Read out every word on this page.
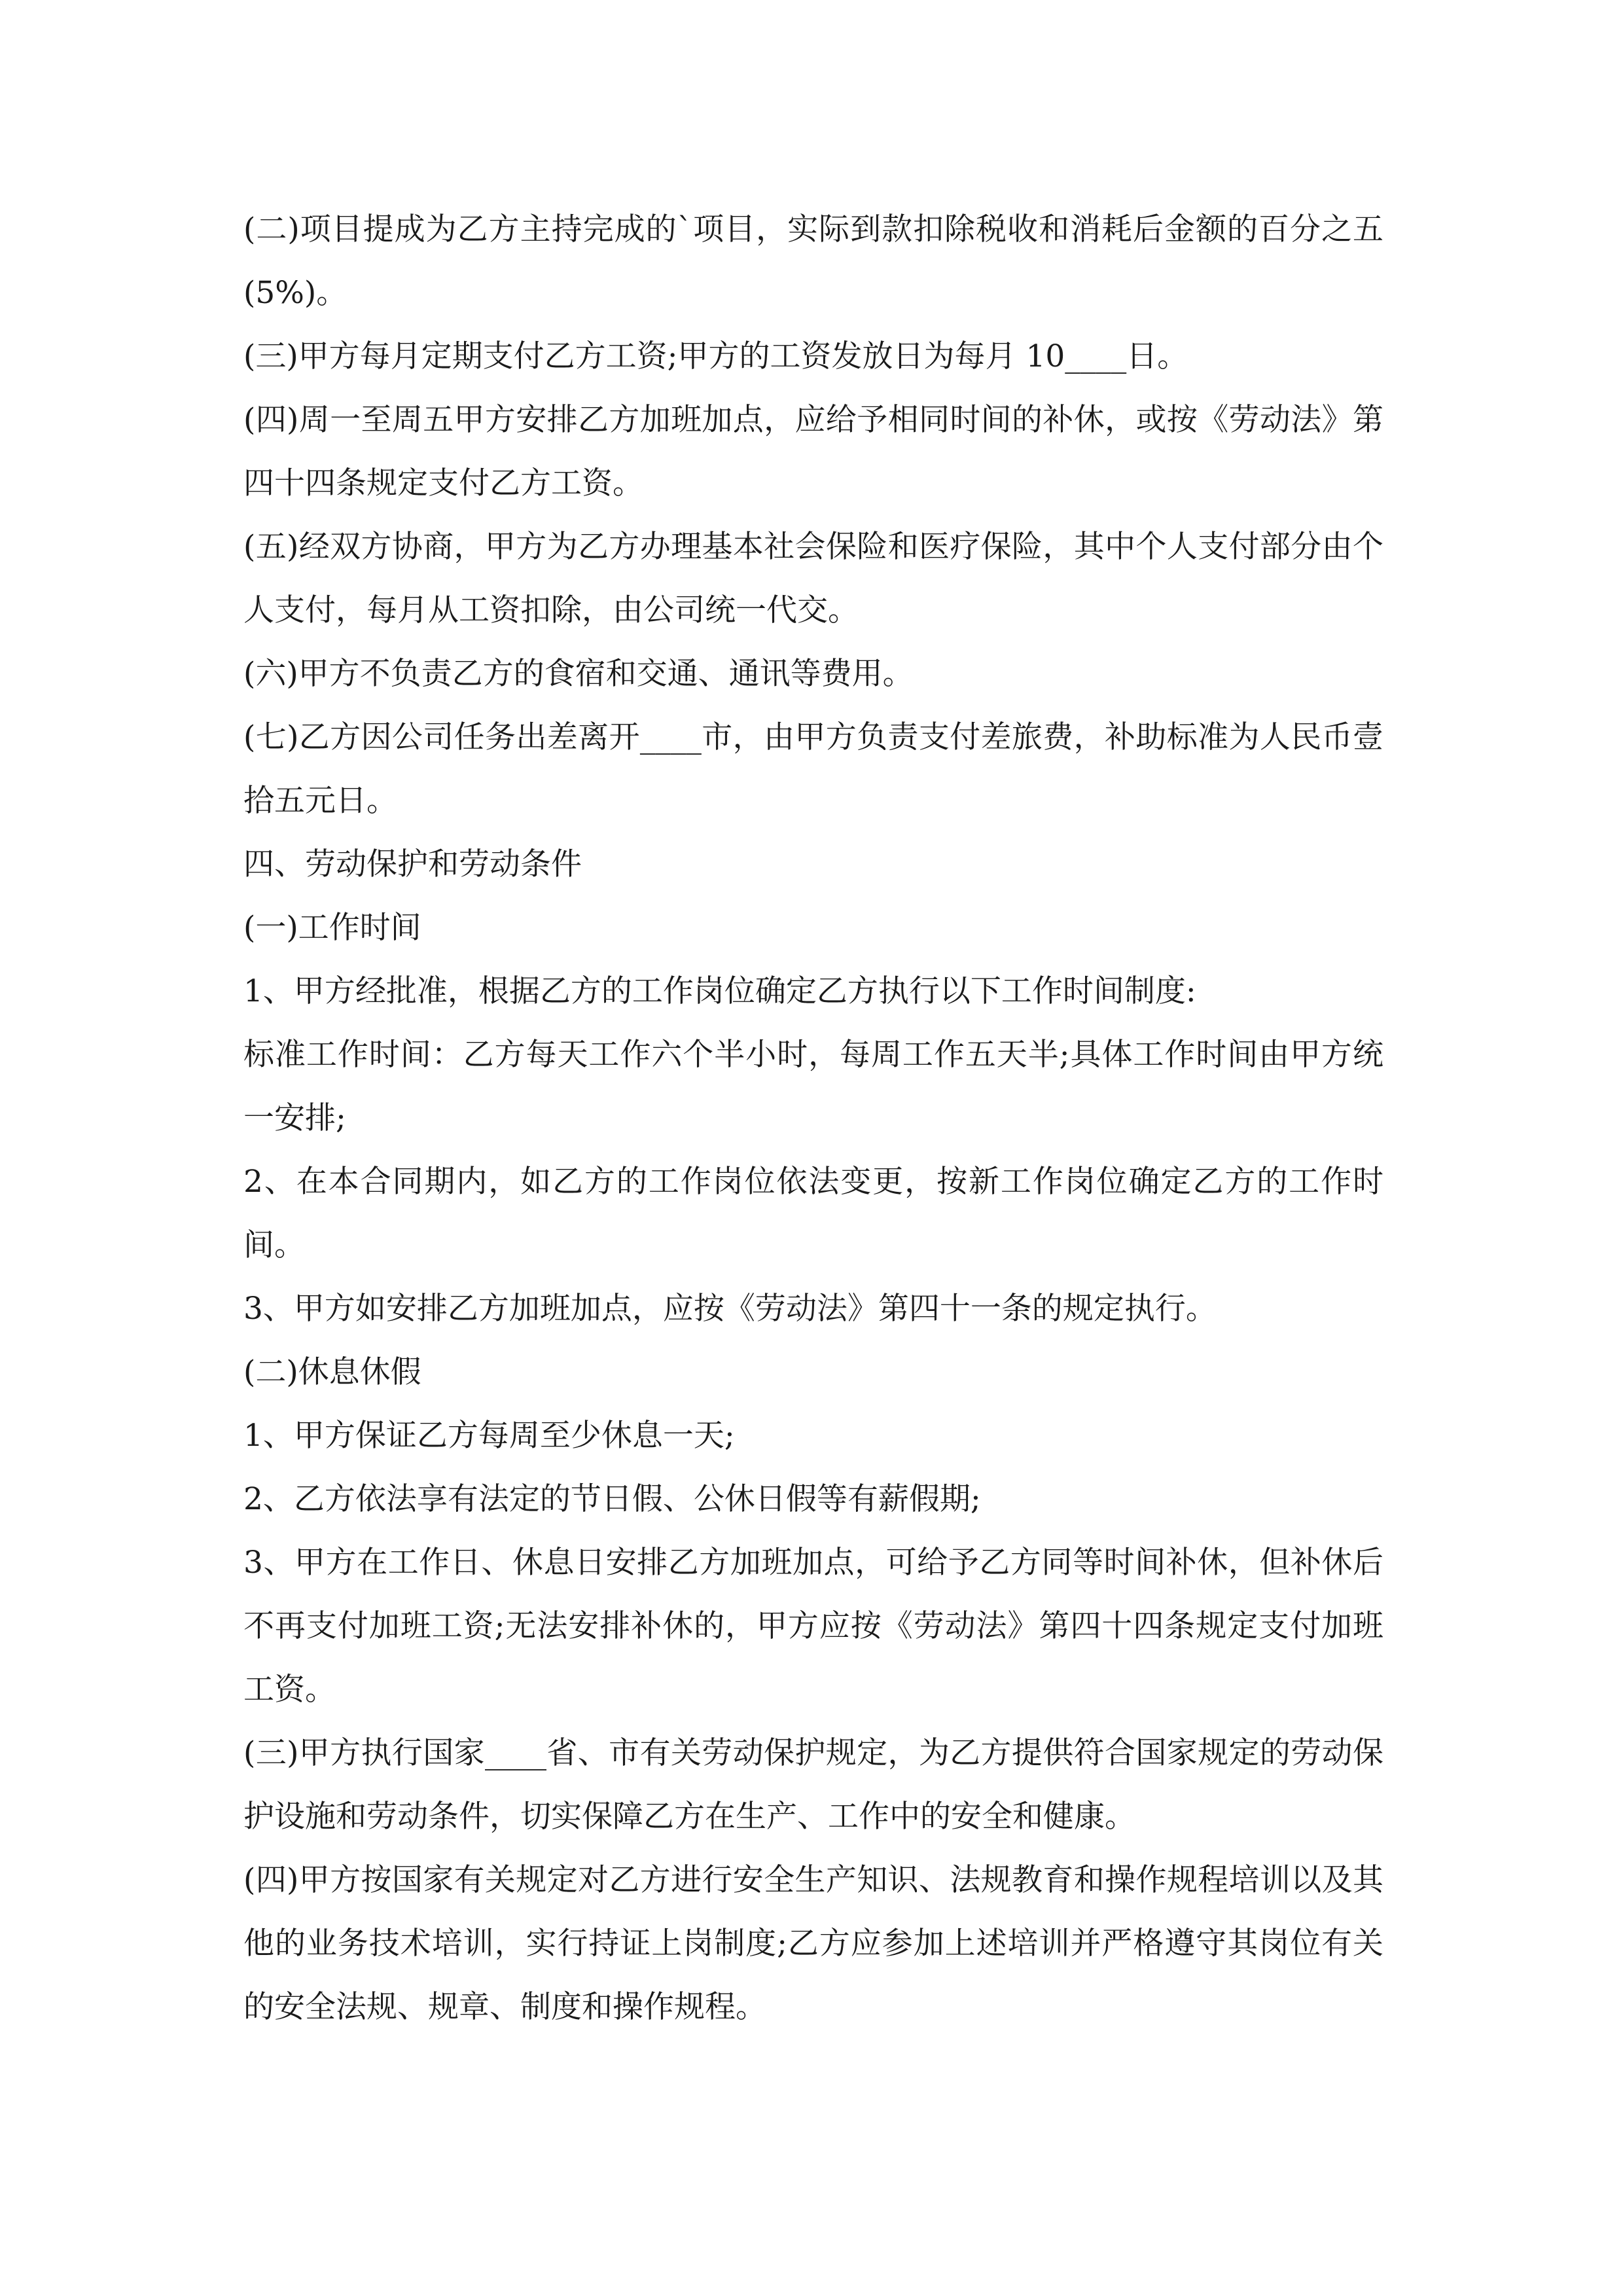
(二)项目提成为乙方主持完成的`项目，实际到款扣除税收和消耗后金额的百分之五(5%)。

(三)甲方每月定期支付乙方工资;甲方的工资发放日为每月 10____日。

(四)周一至周五甲方安排乙方加班加点，应给予相同时间的补休，或按《劳动法》第四十四条规定支付乙方工资。

(五)经双方协商，甲方为乙方办理基本社会保险和医疗保险，其中个人支付部分由个人支付，每月从工资扣除，由公司统一代交。

(六)甲方不负责乙方的食宿和交通、通讯等费用。

(七)乙方因公司任务出差离开____市，由甲方负责支付差旅费，补助标准为人民币壹拾五元日。

四、劳动保护和劳动条件

(一)工作时间

1、甲方经批准，根据乙方的工作岗位确定乙方执行以下工作时间制度:

标准工作时间：乙方每天工作六个半小时，每周工作五天半;具体工作时间由甲方统一安排;

2、在本合同期内，如乙方的工作岗位依法变更，按新工作岗位确定乙方的工作时间。

3、甲方如安排乙方加班加点，应按《劳动法》第四十一条的规定执行。

(二)休息休假

1、甲方保证乙方每周至少休息一天;

2、乙方依法享有法定的节日假、公休日假等有薪假期;

3、甲方在工作日、休息日安排乙方加班加点，可给予乙方同等时间补休，但补休后不再支付加班工资;无法安排补休的，甲方应按《劳动法》第四十四条规定支付加班工资。

(三)甲方执行国家____省、市有关劳动保护规定，为乙方提供符合国家规定的劳动保护设施和劳动条件，切实保障乙方在生产、工作中的安全和健康。

(四)甲方按国家有关规定对乙方进行安全生产知识、法规教育和操作规程培训以及其他的业务技术培训，实行持证上岗制度;乙方应参加上述培训并严格遵守其岗位有关的安全法规、规章、制度和操作规程。
